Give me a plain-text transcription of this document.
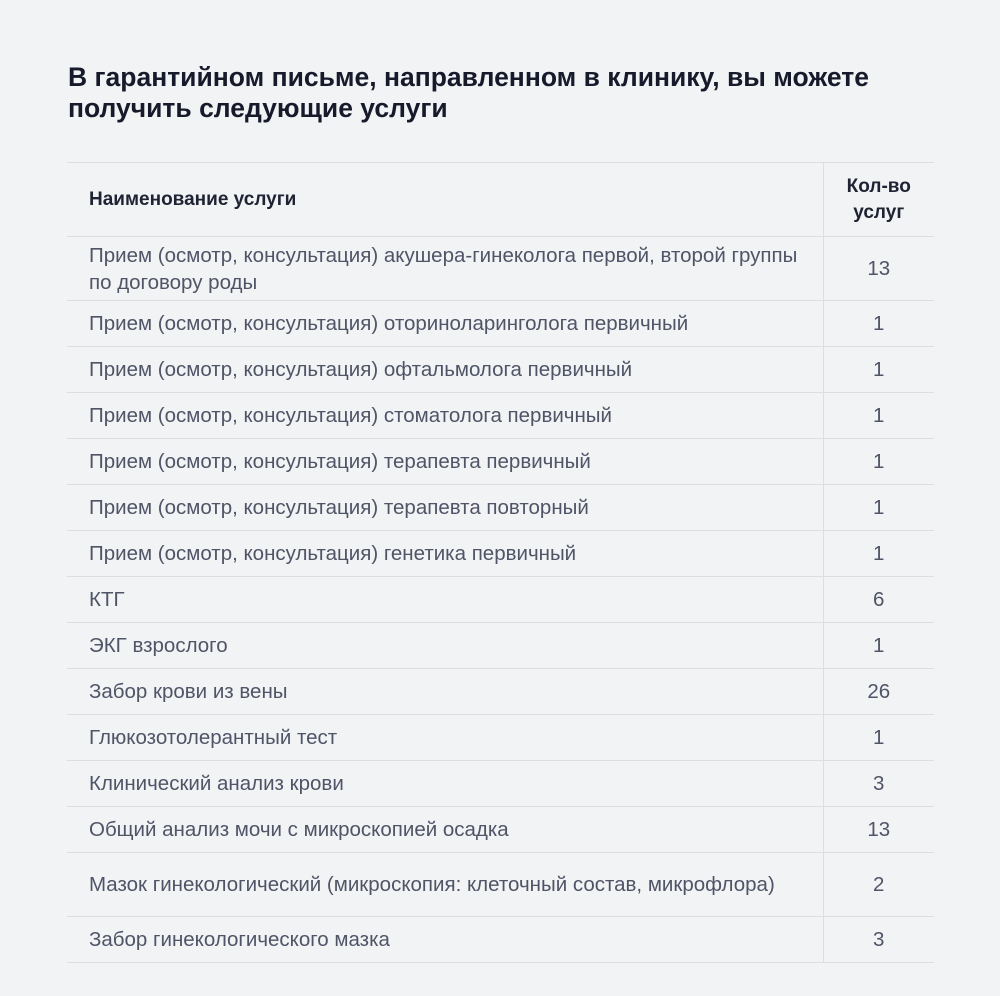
В гарантийном письме, направленном в клинику, вы можете получить следующие услуги
Наименование услуги	Кол-во услуг
Прием (осмотр, консультация) акушера-гинеколога первой, второй группы по договору роды	13
Прием (осмотр, консультация) оториноларинголога первичный	1
Прием (осмотр, консультация) офтальмолога первичный	1
Прием (осмотр, консультация) стоматолога первичный	1
Прием (осмотр, консультация) терапевта первичный	1
Прием (осмотр, консультация) терапевта повторный	1
Прием (осмотр, консультация) генетика первичный	1
КТГ	6
ЭКГ взрослого	1
Забор крови из вены	26
Глюкозотолерантный тест	1
Клинический анализ крови	3
Общий анализ мочи с микроскопией осадка	13
Мазок гинекологический (микроскопия: клеточный состав, микрофлора)	2
Забор гинекологического мазка	3
